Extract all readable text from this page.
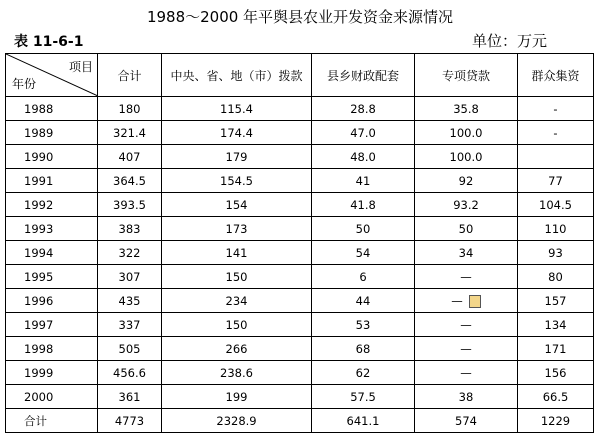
1988～2000 年平舆县农业开发资金来源情况
表 11-6-1	单位：万元
项目
年份	合计	中央、省、地（市）拨款	县乡财政配套	专项贷款	群众集资
1988	180	115.4	28.8	35.8	-
1989	321.4	174.4	47.0	100.0	-
1990	407	179	48.0	100.0	
1991	364.5	154.5	41	92	77
1992	393.5	154	41.8	93.2	104.5
1993	383	173	50	50	110
1994	322	141	54	34	93
1995	307	150	6	—	80
1996	435	234	44	—	157
1997	337	150	53	—	134
1998	505	266	68	—	171
1999	456.6	238.6	62	—	156
2000	361	199	57.5	38	66.5
合计	4773	2328.9	641.1	574	1229
